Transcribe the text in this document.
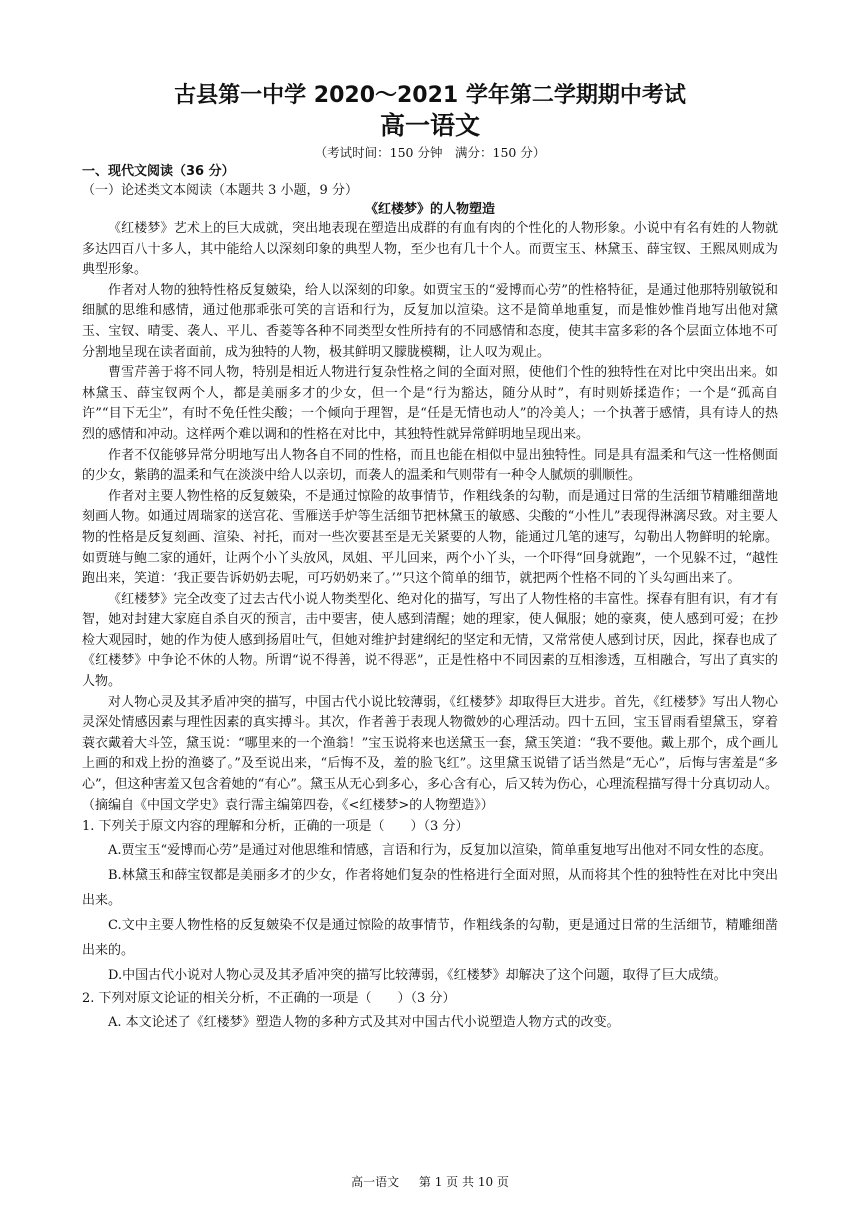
古县第一中学 2020～2021 学年第二学期期中考试
高一语文
（考试时间：150 分钟　满分：150 分）
一、现代文阅读（36 分）
（一）论述类文本阅读（本题共 3 小题，9 分）
《红楼梦》的人物塑造

《红楼梦》艺术上的巨大成就，突出地表现在塑造出成群的有血有肉的个性化的人物形象。小说中有名有姓的人物就多达四百八十多人，其中能给人以深刻印象的典型人物，至少也有几十个人。而贾宝玉、林黛玉、薛宝钗、王熙凤则成为典型形象。

作者对人物的独特性格反复皴染，给人以深刻的印象。如贾宝玉的“爱博而心劳”的性格特征，是通过他那特别敏锐和细腻的思维和感情，通过他那乖张可笑的言语和行为，反复加以渲染。这不是简单地重复，而是惟妙惟肖地写出他对黛玉、宝钗、晴雯、袭人、平儿、香菱等各种不同类型女性所持有的不同感情和态度，使其丰富多彩的各个层面立体地不可分割地呈现在读者面前，成为独特的人物，极其鲜明又朦胧模糊，让人叹为观止。

曹雪芹善于将不同人物，特别是相近人物进行复杂性格之间的全面对照，使他们个性的独特性在对比中突出出来。如林黛玉、薛宝钗两个人，都是美丽多才的少女，但一个是“行为豁达，随分从时”，有时则娇揉造作；一个是“孤高自许”“目下无尘”，有时不免任性尖酸；一个倾向于理智，是“任是无情也动人”的冷美人；一个执著于感情，具有诗人的热烈的感情和冲动。这样两个难以调和的性格在对比中，其独特性就异常鲜明地呈现出来。

作者不仅能够异常分明地写出人物各自不同的性格，而且也能在相似中显出独特性。同是具有温柔和气这一性格侧面的少女，紫鹃的温柔和气在淡淡中给人以亲切，而袭人的温柔和气则带有一种令人腻烦的驯顺性。

作者对主要人物性格的反复皴染，不是通过惊险的故事情节，作粗线条的勾勒，而是通过日常的生活细节精雕细凿地刻画人物。如通过周瑞家的送宫花、雪雁送手炉等生活细节把林黛玉的敏感、尖酸的“小性儿”表现得淋漓尽致。对主要人物的性格是反复刻画、渲染、衬托，而对一些次要甚至是无关紧要的人物，能通过几笔的速写，勾勒出人物鲜明的轮廓。如贾琏与鲍二家的通奸，让两个小丫头放风，凤姐、平儿回来，两个小丫头，一个吓得“回身就跑”，一个见躲不过，“越性跑出来，笑道：‘我正要告诉奶奶去呢，可巧奶奶来了。’”只这个简单的细节，就把两个性格不同的丫头勾画出来了。

《红楼梦》完全改变了过去古代小说人物类型化、绝对化的描写，写出了人物性格的丰富性。探春有胆有识，有才有智，她对封建大家庭自杀自灭的预言，击中要害，使人感到清醒；她的理家，使人佩服；她的豪爽，使人感到可爱；在抄检大观园时，她的作为使人感到扬眉吐气，但她对维护封建纲纪的坚定和无情，又常常使人感到讨厌，因此，探春也成了《红楼梦》中争论不休的人物。所谓“说不得善，说不得恶”，正是性格中不同因素的互相渗透，互相融合，写出了真实的人物。

对人物心灵及其矛盾冲突的描写，中国古代小说比较薄弱，《红楼梦》却取得巨大进步。首先，《红楼梦》写出人物心灵深处情感因素与理性因素的真实搏斗。其次，作者善于表现人物微妙的心理活动。四十五回，宝玉冒雨看望黛玉，穿着蓑衣戴着大斗笠，黛玉说：“哪里来的一个渔翁！”宝玉说将来也送黛玉一套，黛玉笑道：“我不要他。戴上那个，成个画儿上画的和戏上扮的渔婆了。”及至说出来，“后悔不及，羞的脸飞红”。这里黛玉说错了话当然是“无心”，后悔与害羞是“多心”，但这种害羞又包含着她的“有心”。黛玉从无心到多心，多心含有心，后又转为伤心，心理流程描写得十分真切动人。

（摘编自《中国文学史》袁行霈主编第四卷，《<红楼梦>的人物塑造》）
1. 下列关于原文内容的理解和分析，正确的一项是（　　）（3 分）

A.贾宝玉“爱博而心劳”是通过对他思维和情感，言语和行为，反复加以渲染，简单重复地写出他对不同女性的态度。

B.林黛玉和薛宝钗都是美丽多才的少女，作者将她们复杂的性格进行全面对照，从而将其个性的独特性在对比中突出出来。

C.文中主要人物性格的反复皴染不仅是通过惊险的故事情节，作粗线条的勾勒，更是通过日常的生活细节，精雕细凿出来的。

D.中国古代小说对人物心灵及其矛盾冲突的描写比较薄弱，《红楼梦》却解决了这个问题，取得了巨大成绩。

2. 下列对原文论证的相关分析，不正确的一项是（　　）（3 分）

A. 本文论述了《红楼梦》塑造人物的多种方式及其对中国古代小说塑造人物方式的改变。

高一语文 第 1 页 共 10 页
